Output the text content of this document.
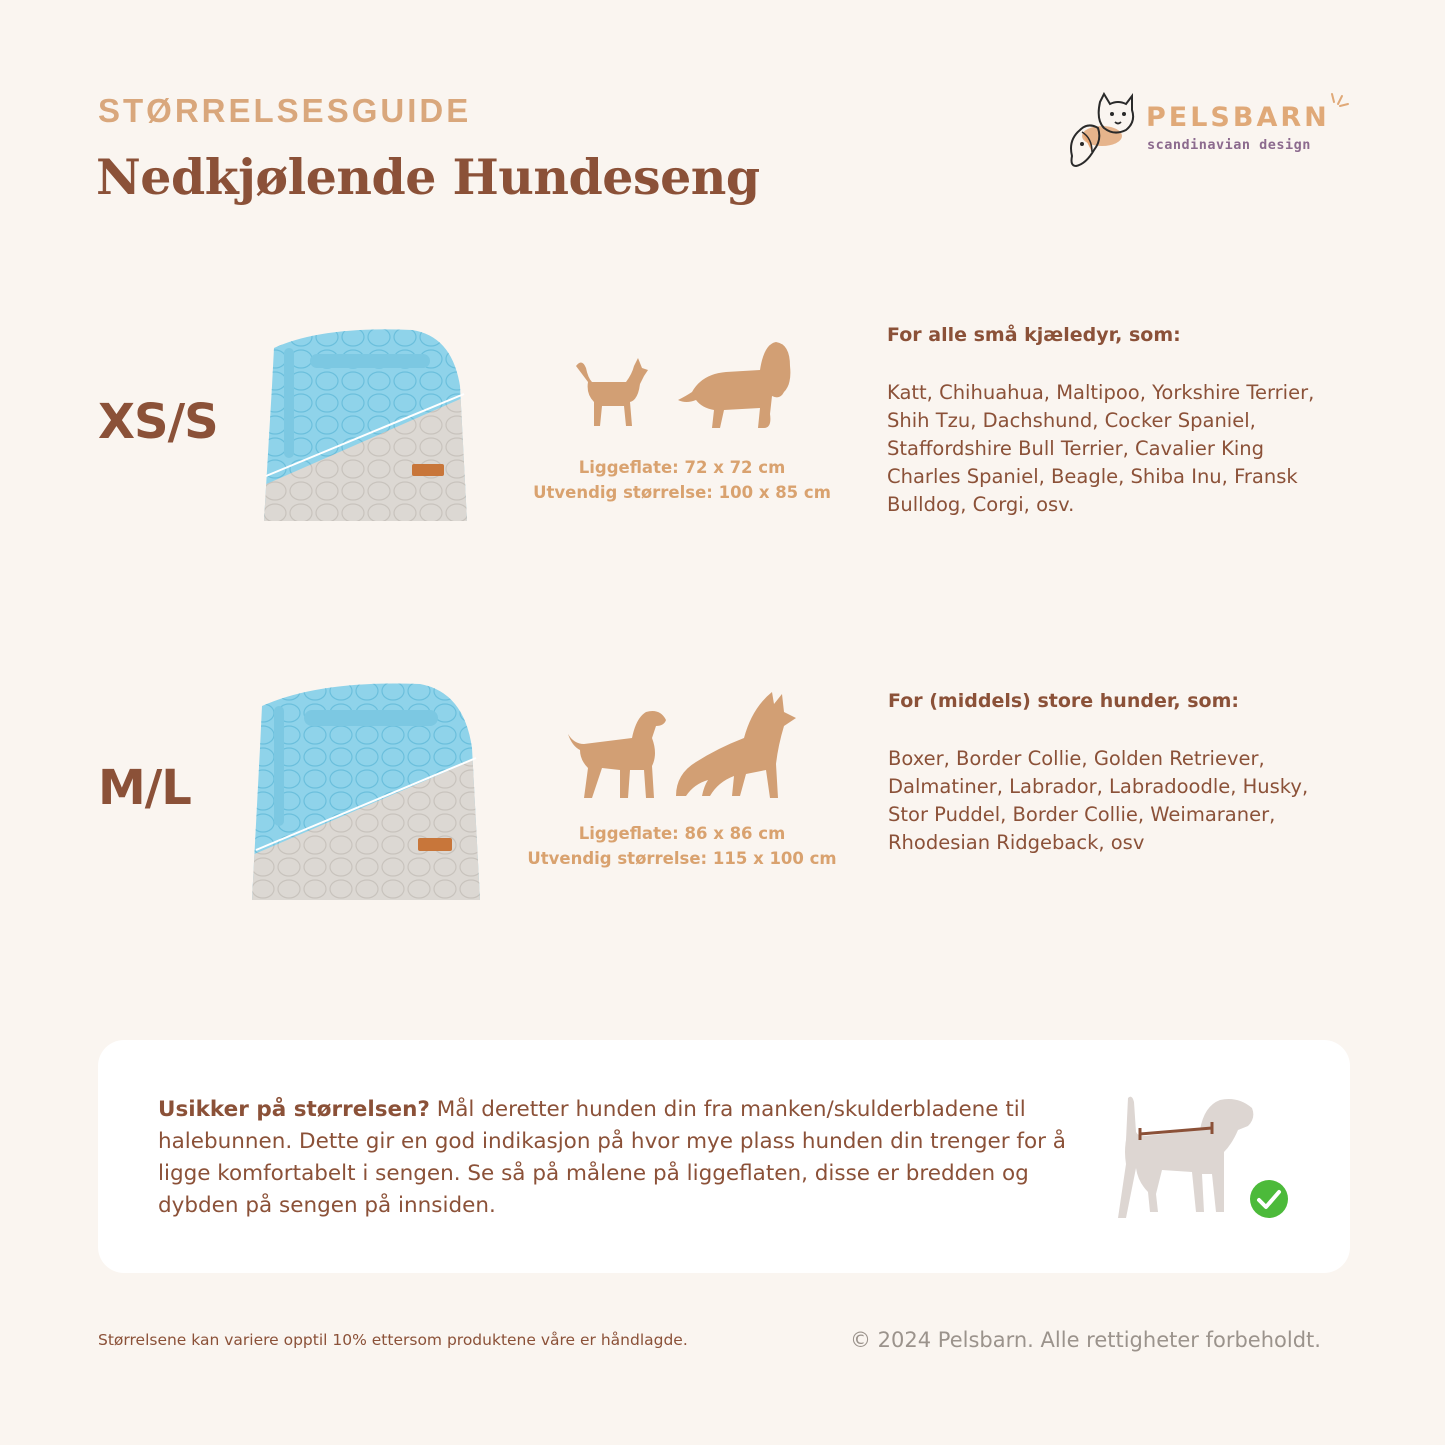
STØRRELSESGUIDE
Nedkjølende Hundeseng
PELSBARN
scandinavian design
XS/S
Liggeflate: 72 x 72 cm
Utvendig størrelse: 100 x 85 cm
For alle små kjæledyr, som:
Katt, Chihuahua, Maltipoo, Yorkshire Terrier,
Shih Tzu, Dachshund, Cocker Spaniel,
Staffordshire Bull Terrier, Cavalier King
Charles Spaniel, Beagle, Shiba Inu, Fransk
Bulldog, Corgi, osv.
M/L
Liggeflate: 86 x 86 cm
Utvendig størrelse: 115 x 100 cm
For (middels) store hunder, som:
Boxer, Border Collie, Golden Retriever,
Dalmatiner, Labrador, Labradoodle, Husky,
Stor Puddel, Border Collie, Weimaraner,
Rhodesian Ridgeback, osv
Usikker på størrelsen? Mål deretter hunden din fra manken/skulderbladene til halebunnen. Dette gir en god indikasjon på hvor mye plass hunden din trenger for å ligge komfortabelt i sengen. Se så på målene på liggeflaten, disse er bredden og dybden på sengen på innsiden.
Størrelsene kan variere opptil 10% ettersom produktene våre er håndlagde.	© 2024 Pelsbarn. Alle rettigheter forbeholdt.
